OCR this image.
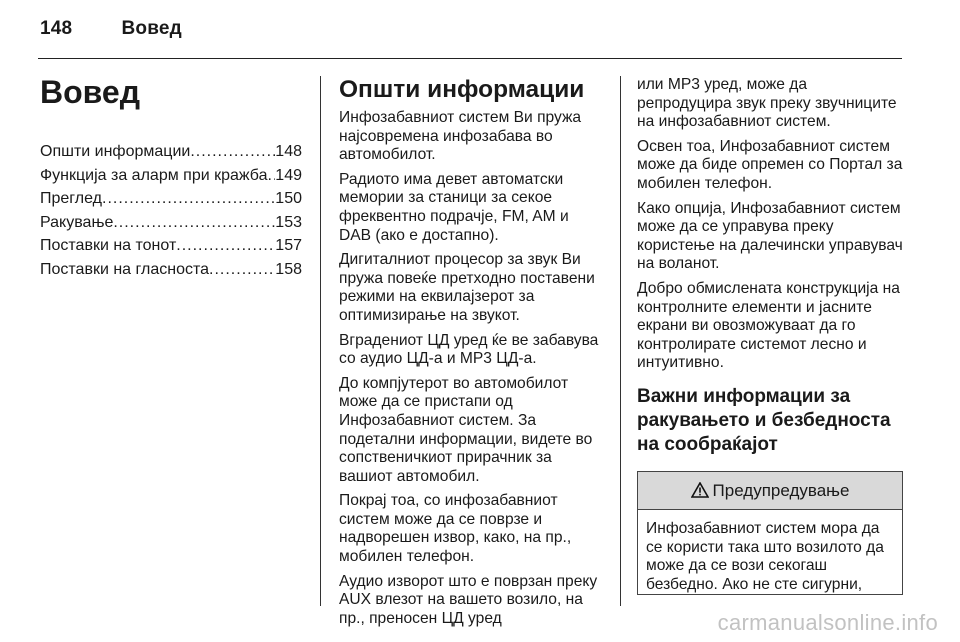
148	Вовед
Вовед
Општи информации .....	148
Функција за аларм при кражба ..... 149
Преглед .....	150
Ракување .....	153
Поставки на тонот .....	157
Поставки на гласноста .....	158
Општи информации

Инфозабавниот систем Ви пружа најсовремена инфозабава во автомобилот.

Радиото има девет автоматски мемории за станици за секое фреквентно подрачје, FM, AM и DAB (ако е достапно).

Дигиталниот процесор за звук Ви пружа повеќе претходно поставени режими на еквилајзерот за оптимизирање на звукот.

Вградениот ЦД уред ќе ве забавува со аудио ЦД-а и MP3 ЦД-а.

До компјутерот во автомобилот може да се пристапи од Инфозабавниот систем. За подетални информации, видете во сопственичкиот прирачник за вашиот автомобил.

Покрај тоа, со инфозабавниот систем може да се поврзе и надворешен извор, како, на пр., мобилен телефон.

Аудио изворот што е поврзан преку AUX влезот на вашето возило, на пр., преносен ЦД уред

или MP3 уред, може да репродуцира звук преку звучниците на инфозабавниот систем.

Освен тоа, Инфозабавниот систем може да биде опремен со Портал за мобилен телефон.

Како опција, Инфозабавниот систем може да се управува преку користење на далечински управувач на воланот.

Добро обмислената конструкција на контролните елементи и јасните екрани ви овозможуваат да го контролирате системот лесно и интуитивно.

Важни информации за ракувањето и безбедноста на сообраќајот
Предупредување

Инфозабавниот систем мора да се користи така што возилото да може да се вози секогаш безбедно. Ако не сте сигурни,

carmanualsonline.info
